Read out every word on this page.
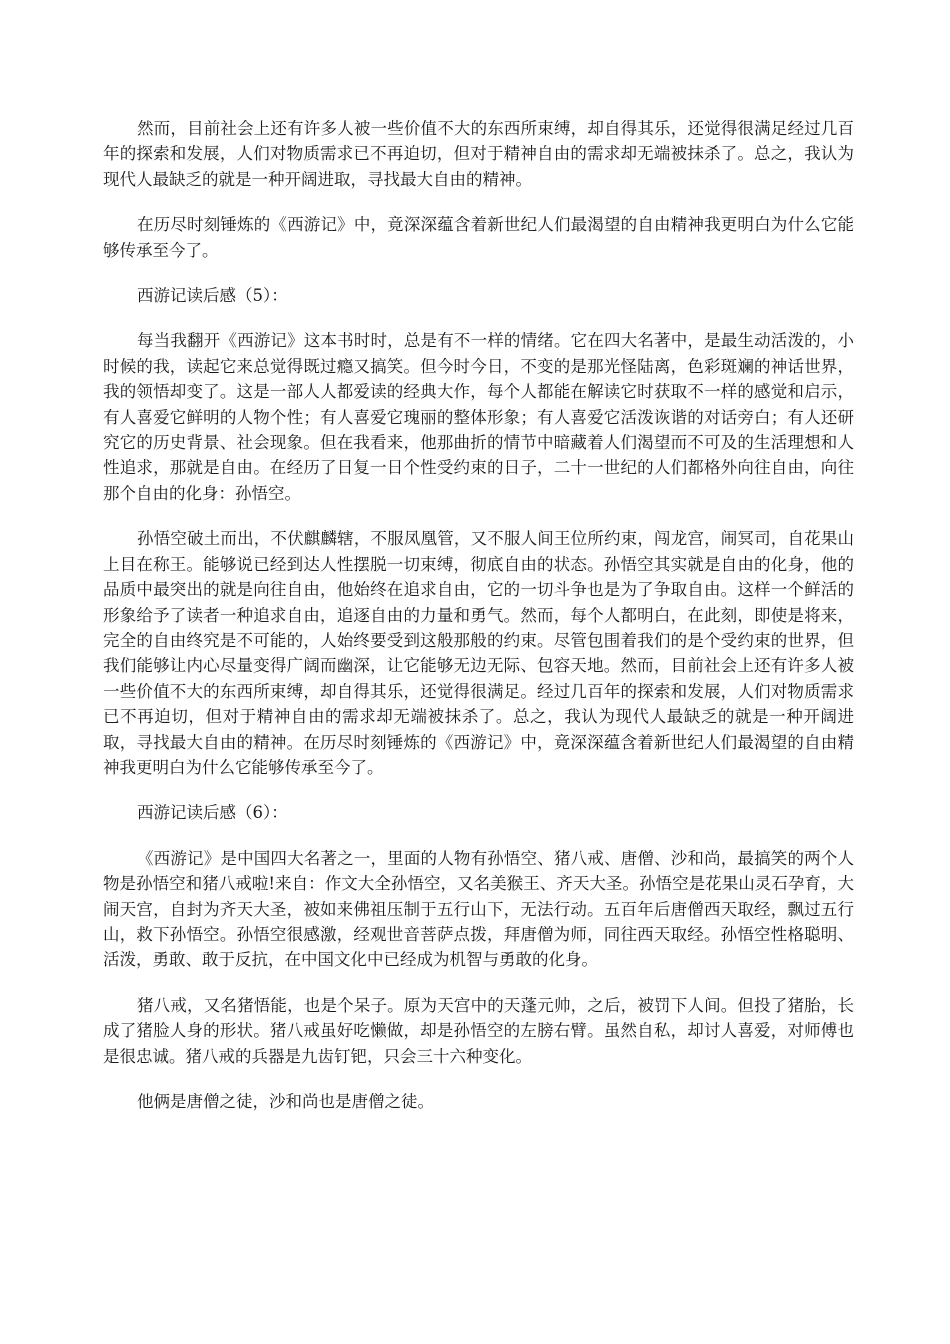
然而，目前社会上还有许多人被一些价值不大的东西所束缚，却自得其乐，还觉得很满足经过几百年的探索和发展，人们对物质需求已不再迫切，但对于精神自由的需求却无端被抹杀了。总之，我认为现代人最缺乏的就是一种开阔进取，寻找最大自由的精神。

在历尽时刻锤炼的《西游记》中，竟深深蕴含着新世纪人们最渴望的自由精神我更明白为什么它能够传承至今了。

西游记读后感（5）：

每当我翻开《西游记》这本书时时，总是有不一样的情绪。它在四大名著中，是最生动活泼的，小时候的我，读起它来总觉得既过瘾又搞笑。但今时今日，不变的是那光怪陆离，色彩斑斓的神话世界，我的领悟却变了。这是一部人人都爱读的经典大作，每个人都能在解读它时获取不一样的感觉和启示，有人喜爱它鲜明的人物个性；有人喜爱它瑰丽的整体形象；有人喜爱它活泼诙谐的对话旁白；有人还研究它的历史背景、社会现象。但在我看来，他那曲折的情节中暗藏着人们渴望而不可及的生活理想和人性追求，那就是自由。在经历了日复一日个性受约束的日子，二十一世纪的人们都格外向往自由，向往那个自由的化身：孙悟空。

孙悟空破土而出，不伏麒麟辖，不服凤凰管，又不服人间王位所约束，闯龙宫，闹冥司，自花果山上目在称王。能够说已经到达人性摆脱一切束缚，彻底自由的状态。孙悟空其实就是自由的化身，他的品质中最突出的就是向往自由，他始终在追求自由，它的一切斗争也是为了争取自由。这样一个鲜活的形象给予了读者一种追求自由，追逐自由的力量和勇气。然而，每个人都明白，在此刻，即使是将来，完全的自由终究是不可能的，人始终要受到这般那般的约束。尽管包围着我们的是个受约束的世界，但我们能够让内心尽量变得广阔而幽深，让它能够无边无际、包容天地。然而，目前社会上还有许多人被一些价值不大的东西所束缚，却自得其乐，还觉得很满足。经过几百年的探索和发展，人们对物质需求已不再迫切，但对于精神自由的需求却无端被抹杀了。总之，我认为现代人最缺乏的就是一种开阔进取，寻找最大自由的精神。在历尽时刻锤炼的《西游记》中，竟深深蕴含着新世纪人们最渴望的自由精神我更明白为什么它能够传承至今了。

西游记读后感（6）：

《西游记》是中国四大名著之一，里面的人物有孙悟空、猪八戒、唐僧、沙和尚，最搞笑的两个人物是孙悟空和猪八戒啦!来自：作文大全孙悟空，又名美猴王、齐天大圣。孙悟空是花果山灵石孕育，大闹天宫，自封为齐天大圣，被如来佛祖压制于五行山下，无法行动。五百年后唐僧西天取经，飘过五行山，救下孙悟空。孙悟空很感激，经观世音菩萨点拨，拜唐僧为师，同往西天取经。孙悟空性格聪明、活泼，勇敢、敢于反抗，在中国文化中已经成为机智与勇敢的化身。

猪八戒，又名猪悟能，也是个呆子。原为天宫中的天蓬元帅，之后，被罚下人间。但投了猪胎，长成了猪脸人身的形状。猪八戒虽好吃懒做，却是孙悟空的左膀右臂。虽然自私，却讨人喜爱，对师傅也是很忠诚。猪八戒的兵器是九齿钉钯，只会三十六种变化。

他俩是唐僧之徒，沙和尚也是唐僧之徒。
